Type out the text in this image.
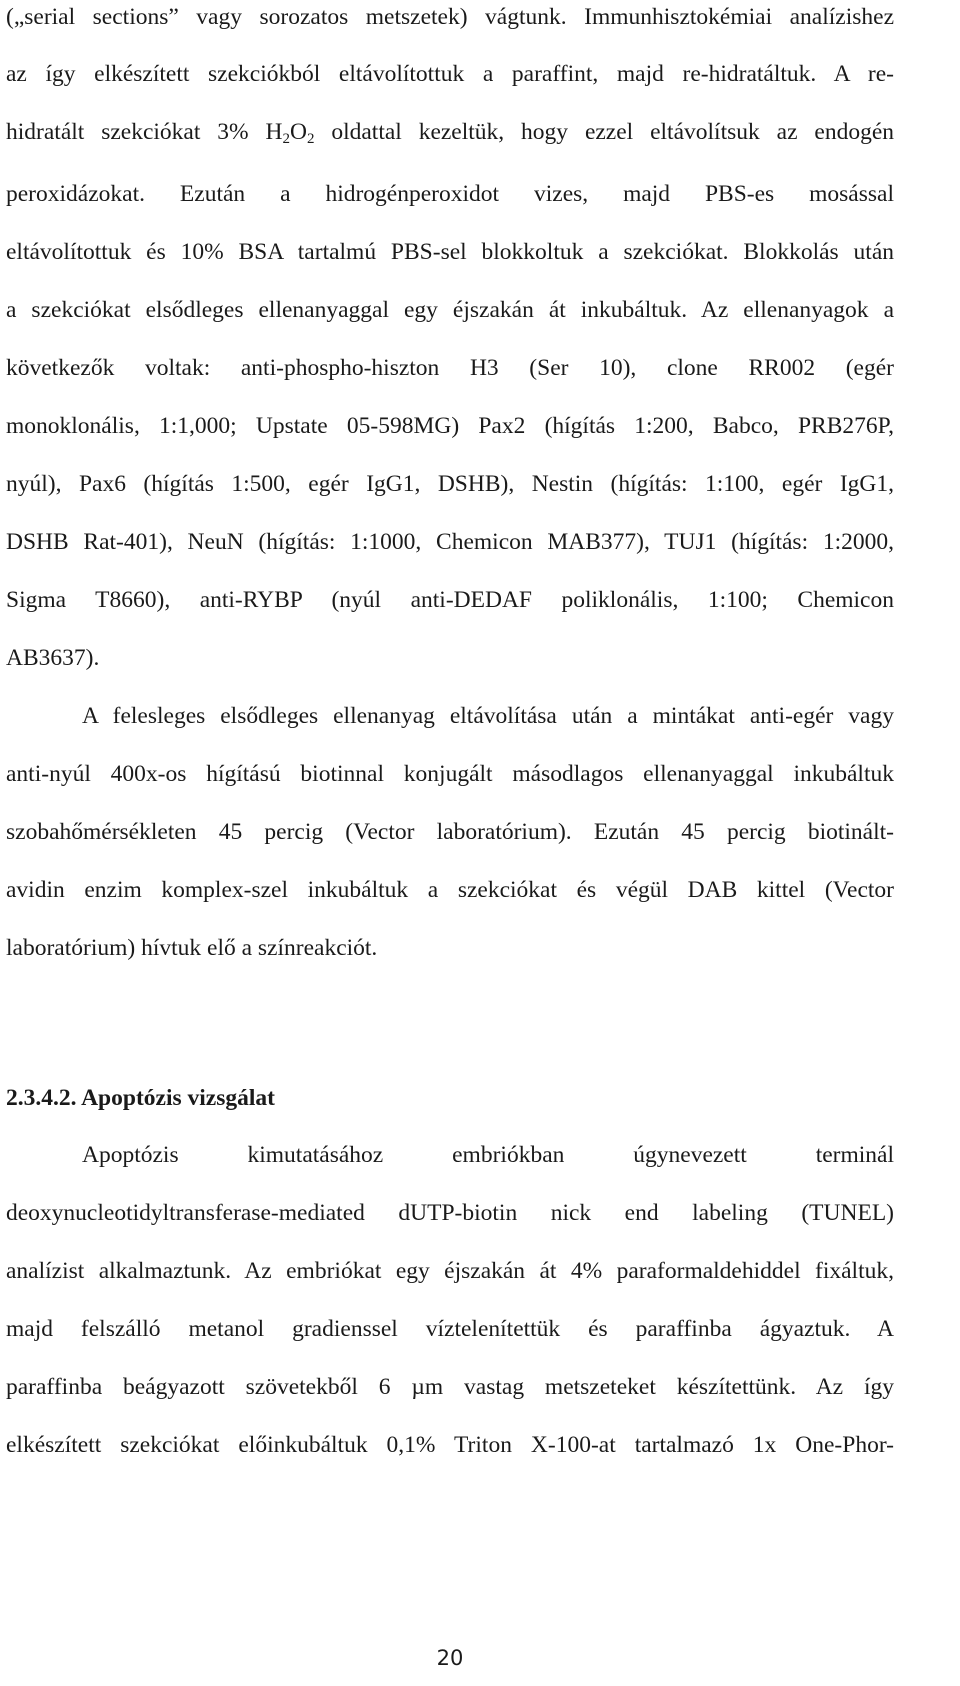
(„serial sections” vagy sorozatos metszetek) vágtunk. Immunhisztokémiai analízishez
az így elkészített szekciókból eltávolítottuk a paraffint, majd re-hidratáltuk. A re-
hidratált szekciókat 3% $H_2O_2$ oldattal kezeltük, hogy ezzel eltávolítsuk az endogén
peroxidázokat. Ezután a hidrogénperoxidot vizes, majd PBS-es mosással
eltávolítottuk és 10% BSA tartalmú PBS-sel blokkoltuk a szekciókat. Blokkolás után
a szekciókat elsődleges ellenanyaggal egy éjszakán át inkubáltuk. Az ellenanyagok a
következők voltak: anti-phospho-hiszton H3 (Ser 10), clone RR002 (egér
monoklonális, 1:1,000; Upstate 05-598MG) Pax2 (hígítás 1:200, Babco, PRB276P,
nyúl), Pax6 (hígítás 1:500, egér IgG1, DSHB), Nestin (hígítás: 1:100, egér IgG1,
DSHB Rat-401), NeuN (hígítás: 1:1000, Chemicon MAB377), TUJ1 (hígítás: 1:2000,
Sigma T8660), anti-RYBP (nyúl anti-DEDAF poliklonális, 1:100; Chemicon
AB3637).
A felesleges elsődleges ellenanyag eltávolítása után a mintákat anti-egér vagy
anti-nyúl 400x-os hígítású biotinnal konjugált másodlagos ellenanyaggal inkubáltuk
szobahőmérsékleten 45 percig (Vector laboratórium). Ezután 45 percig biotinált-
avidin enzim komplex-szel inkubáltuk a szekciókat és végül DAB kittel (Vector
laboratórium) hívtuk elő a színreakciót.
2.3.4.2. Apoptózis vizsgálat
Apoptózis kimutatásához embriókban úgynevezett terminál
deoxynucleotidyltransferase-mediated dUTP-biotin nick end labeling (TUNEL)
analízist alkalmaztunk. Az embriókat egy éjszakán át 4% paraformaldehiddel fixáltuk,
majd felszálló metanol gradienssel víztelenítettük és paraffinba ágyaztuk. A
paraffinba beágyazott szövetekből 6 µm vastag metszeteket készítettünk. Az így
elkészített szekciókat előinkubáltuk 0,1% Triton X-100-at tartalmazó 1x One-Phor-
20
